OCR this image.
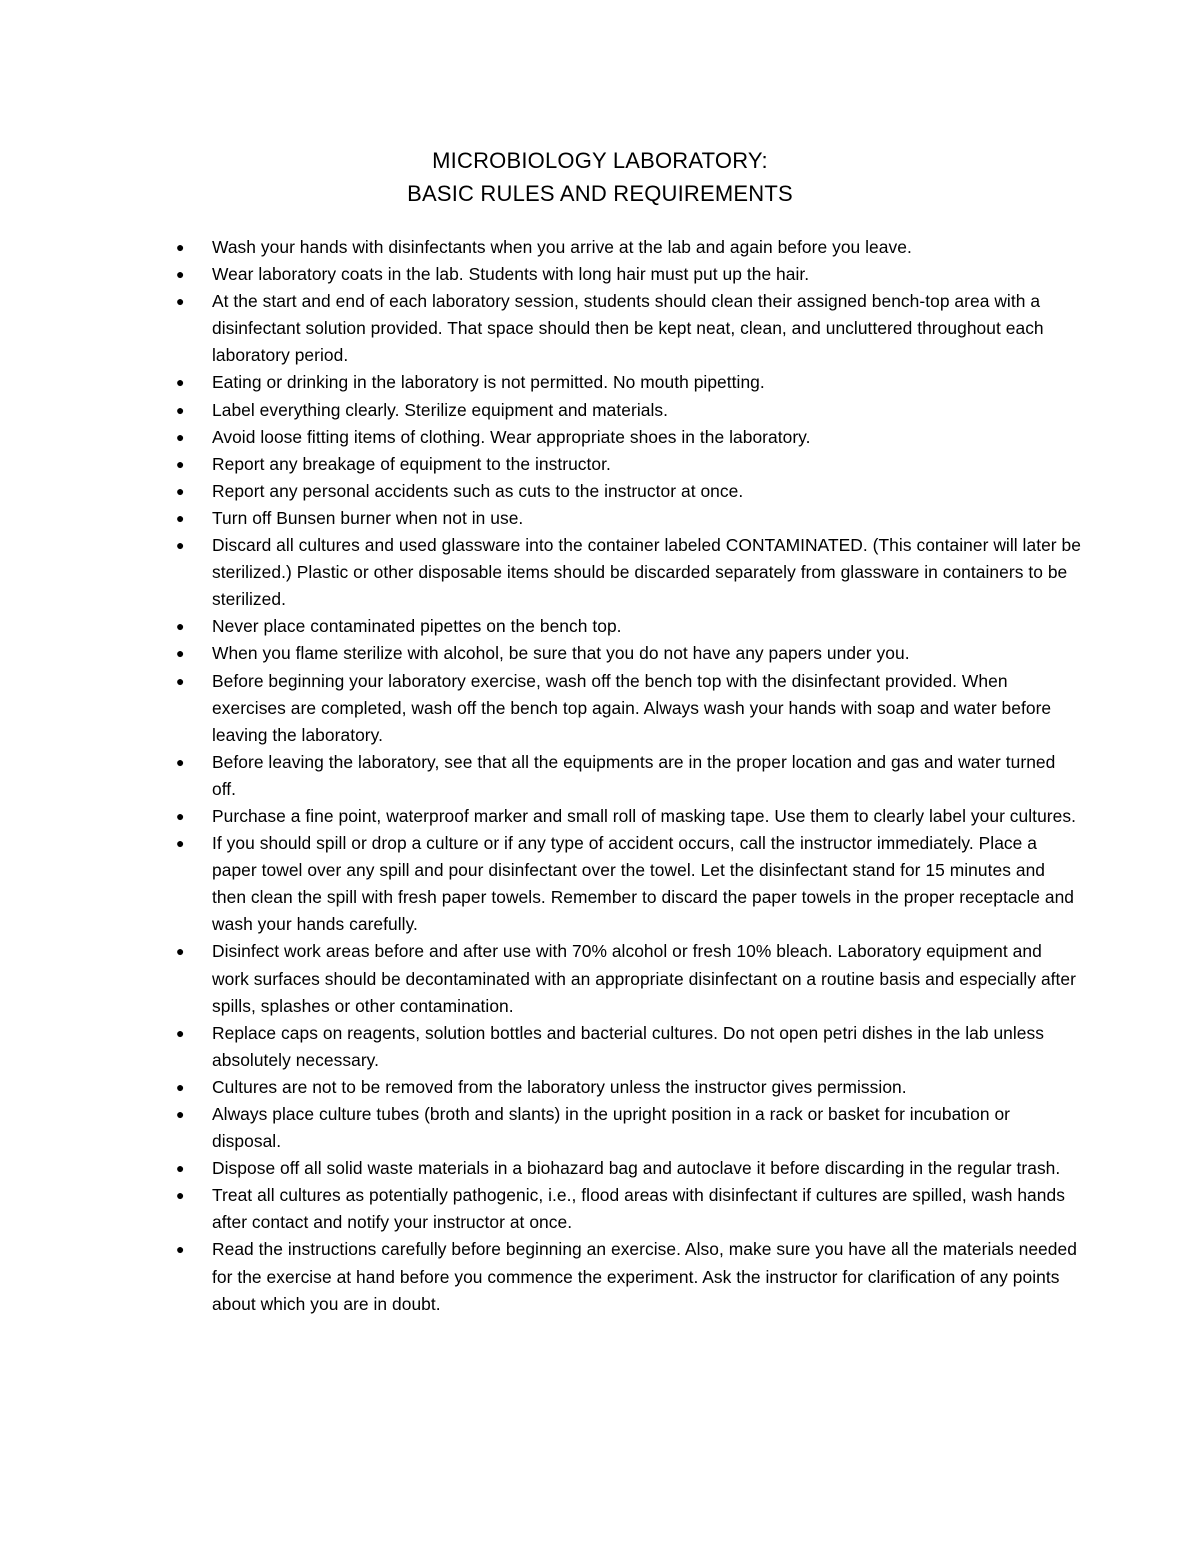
MICROBIOLOGY LABORATORY:
BASIC RULES AND REQUIREMENTS
● Wash your hands with disinfectants when you arrive at the lab and again before you leave.
● Wear laboratory coats in the lab. Students with long hair must put up the hair.
● At the start and end of each laboratory session, students should clean their assigned bench-top area with a disinfectant solution provided. That space should then be kept neat, clean, and uncluttered throughout each laboratory period.
● Eating or drinking in the laboratory is not permitted. No mouth pipetting.
● Label everything clearly. Sterilize equipment and materials.
● Avoid loose fitting items of clothing. Wear appropriate shoes in the laboratory.
● Report any breakage of equipment to the instructor.
● Report any personal accidents such as cuts to the instructor at once.
● Turn off Bunsen burner when not in use.
● Discard all cultures and used glassware into the container labeled CONTAMINATED. (This container will later be sterilized.) Plastic or other disposable items should be discarded separately from glassware in containers to be sterilized.
● Never place contaminated pipettes on the bench top.
● When you flame sterilize with alcohol, be sure that you do not have any papers under you.
● Before beginning your laboratory exercise, wash off the bench top with the disinfectant provided. When exercises are completed, wash off the bench top again. Always wash your hands with soap and water before leaving the laboratory.
● Before leaving the laboratory, see that all the equipments are in the proper location and gas and water turned off.
● Purchase a fine point, waterproof marker and small roll of masking tape. Use them to clearly label your cultures.
● If you should spill or drop a culture or if any type of accident occurs, call the instructor immediately. Place a paper towel over any spill and pour disinfectant over the towel. Let the disinfectant stand for 15 minutes and then clean the spill with fresh paper towels. Remember to discard the paper towels in the proper receptacle and wash your hands carefully.
● Disinfect work areas before and after use with 70% alcohol or fresh 10% bleach. Laboratory equipment and work surfaces should be decontaminated with an appropriate disinfectant on a routine basis and especially after spills, splashes or other contamination.
● Replace caps on reagents, solution bottles and bacterial cultures. Do not open petri dishes in the lab unless absolutely necessary.
● Cultures are not to be removed from the laboratory unless the instructor gives permission.
● Always place culture tubes (broth and slants) in the upright position in a rack or basket for incubation or disposal.
● Dispose off all solid waste materials in a biohazard bag and autoclave it before discarding in the regular trash.
● Treat all cultures as potentially pathogenic, i.e., flood areas with disinfectant if cultures are spilled, wash hands after contact and notify your instructor at once.
● Read the instructions carefully before beginning an exercise. Also, make sure you have all the materials needed for the exercise at hand before you commence the experiment. Ask the instructor for clarification of any points about which you are in doubt.
